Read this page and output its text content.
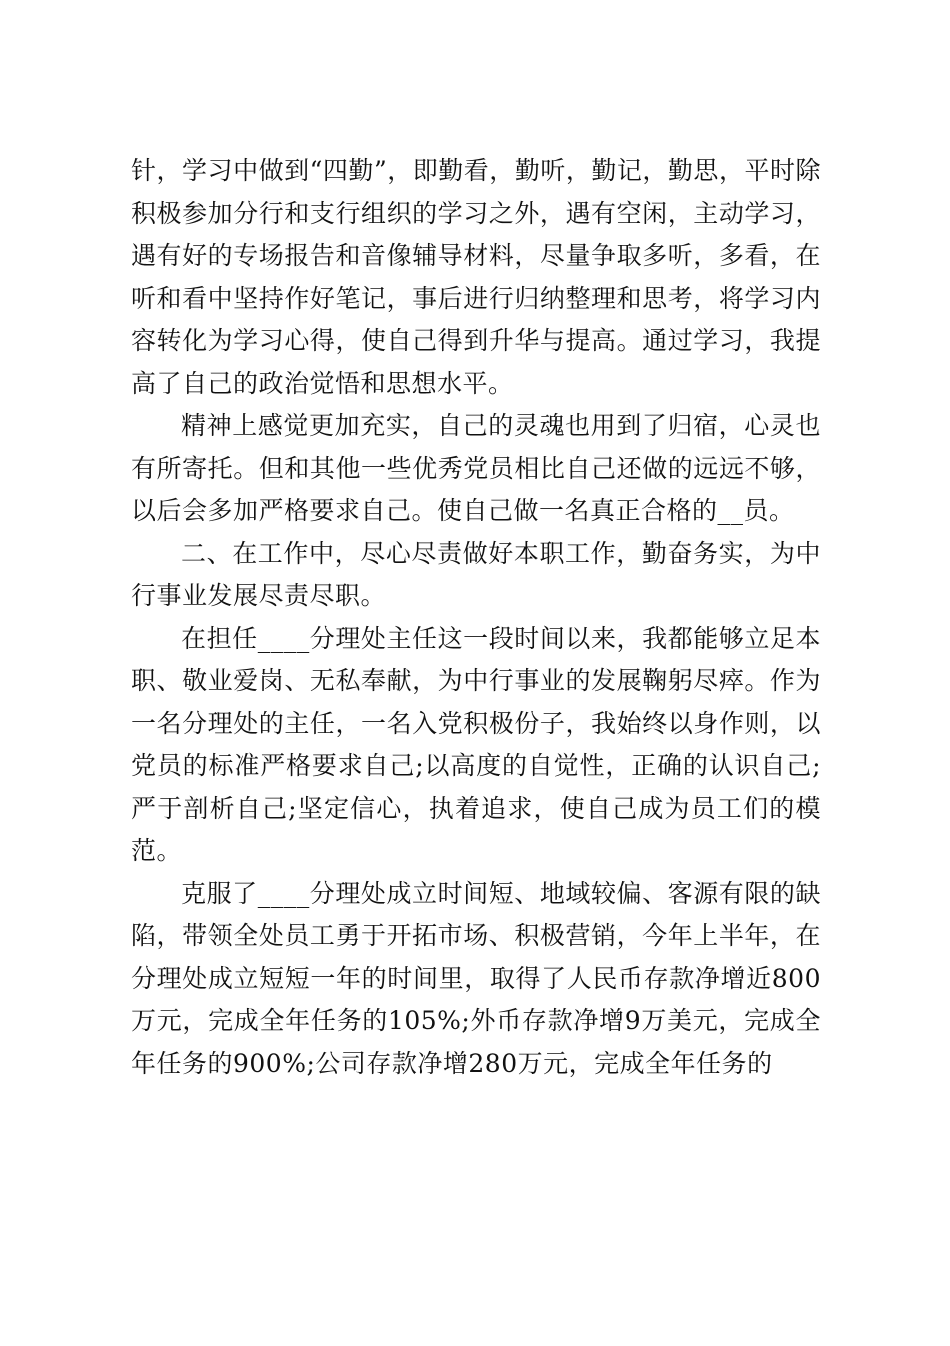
针，学习中做到“四勤”，即勤看，勤听，勤记，勤思，平时除积极参加分行和支行组织的学习之外，遇有空闲，主动学习，遇有好的专场报告和音像辅导材料，尽量争取多听，多看，在听和看中坚持作好笔记，事后进行归纳整理和思考，将学习内容转化为学习心得，使自己得到升华与提高。通过学习，我提高了自己的政治觉悟和思想水平。

精神上感觉更加充实，自己的灵魂也用到了归宿，心灵也有所寄托。但和其他一些优秀党员相比自己还做的远远不够，以后会多加严格要求自己。使自己做一名真正合格的__员。

二、在工作中，尽心尽责做好本职工作，勤奋务实，为中行事业发展尽责尽职。

在担任____分理处主任这一段时间以来，我都能够立足本职、敬业爱岗、无私奉献，为中行事业的发展鞠躬尽瘁。作为一名分理处的主任，一名入党积极份子，我始终以身作则，以党员的标准严格要求自己;以高度的自觉性，正确的认识自己;严于剖析自己;坚定信心，执着追求，使自己成为员工们的模范。

克服了____分理处成立时间短、地域较偏、客源有限的缺陷，带领全处员工勇于开拓市场、积极营销，今年上半年，在分理处成立短短一年的时间里，取得了人民币存款净增近800万元，完成全年任务的105%;外币存款净增9万美元，完成全年任务的900%;公司存款净增280万元，完成全年任务的
